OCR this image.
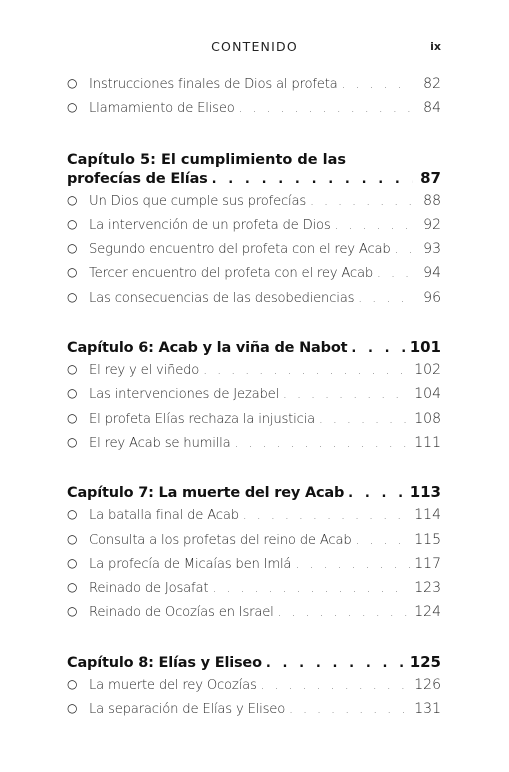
CONTENIDO	ix
○
Instrucciones finales de Dios al profeta . . .	82
○
Llamamiento de Eliseo . . .	84
Capítulo 5: El cumplimiento de las
profecías de Elías . . .	87
○
Un Dios que cumple sus profecías . . .	88
○
La intervención de un profeta de Dios . . .	92
○
Segundo encuentro del profeta con el rey Acab . . .	93
○
Tercer encuentro del profeta con el rey Acab . . .	94
○
Las consecuencias de las desobediencias . . .	96
Capítulo 6: Acab y la viña de Nabot . . .	101
○
El rey y el viñedo . . .	102
○
Las intervenciones de Jezabel . . .	104
○
El profeta Elías rechaza la injusticia . . .	108
○
El rey Acab se humilla . . .	111
Capítulo 7: La muerte del rey Acab . . .	113
○
La batalla final de Acab . . .	114
○
Consulta a los profetas del reino de Acab . . .	115
○
La profecía de Micaías ben Imlá . . .	117
○
Reinado de Josafat . . .	123
○
Reinado de Ocozías en Israel . . .	124
Capítulo 8: Elías y Eliseo . . .	125
○
La muerte del rey Ocozías . . .	126
○
La separación de Elías y Eliseo . . .	131
